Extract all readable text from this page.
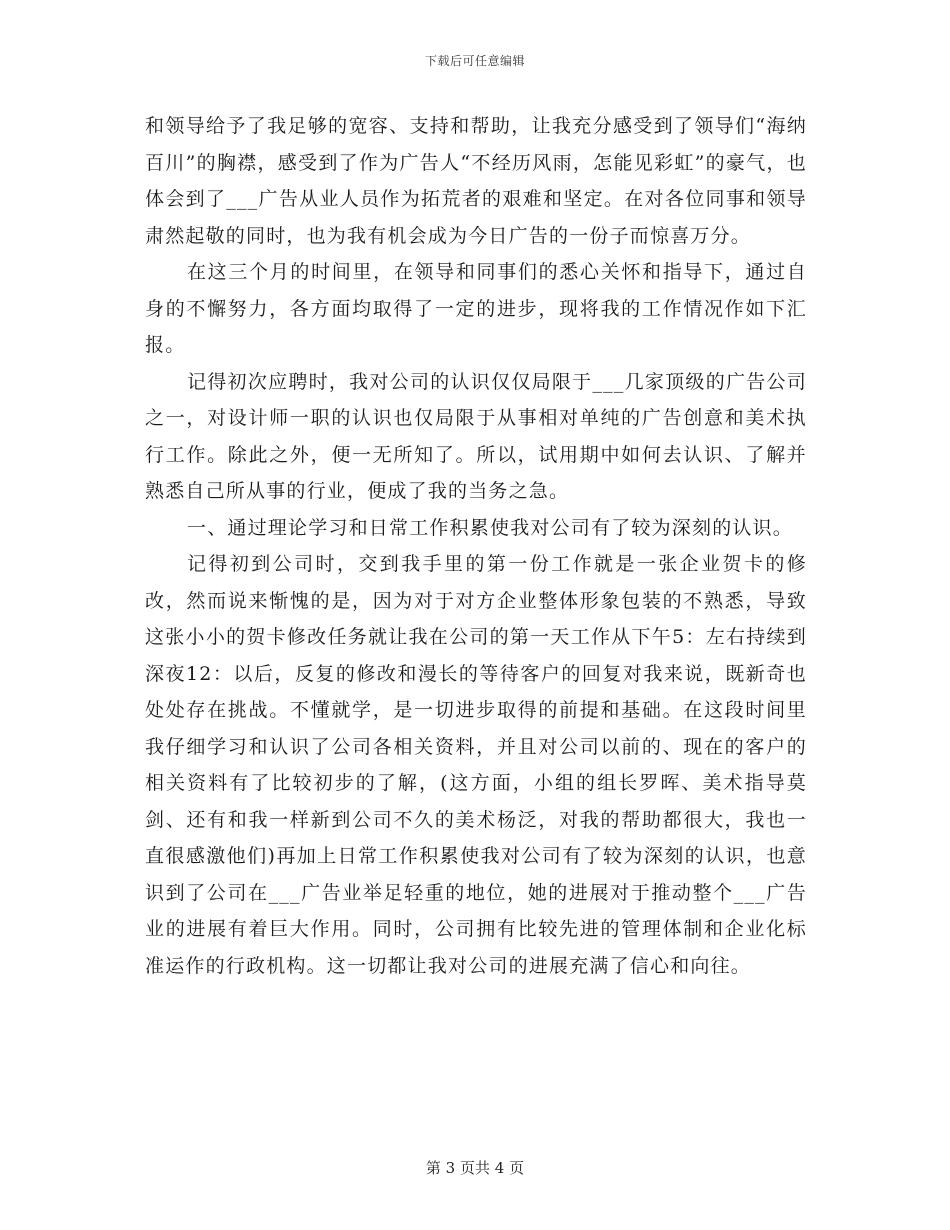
下载后可任意编辑

和领导给予了我足够的宽容、支持和帮助，让我充分感受到了领导们“海纳百川”的胸襟，感受到了作为广告人“不经历风雨，怎能见彩虹”的豪气，也体会到了___广告从业人员作为拓荒者的艰难和坚定。在对各位同事和领导肃然起敬的同时，也为我有机会成为今日广告的一份子而惊喜万分。

在这三个月的时间里，在领导和同事们的悉心关怀和指导下，通过自身的不懈努力，各方面均取得了一定的进步，现将我的工作情况作如下汇报。

记得初次应聘时，我对公司的认识仅仅局限于___几家顶级的广告公司之一，对设计师一职的认识也仅局限于从事相对单纯的广告创意和美术执行工作。除此之外，便一无所知了。所以，试用期中如何去认识、了解并熟悉自己所从事的行业，便成了我的当务之急。

一、通过理论学习和日常工作积累使我对公司有了较为深刻的认识。

记得初到公司时，交到我手里的第一份工作就是一张企业贺卡的修改，然而说来惭愧的是，因为对于对方企业整体形象包装的不熟悉，导致这张小小的贺卡修改任务就让我在公司的第一天工作从下午5：左右持续到深夜12：以后，反复的修改和漫长的等待客户的回复对我来说，既新奇也处处存在挑战。不懂就学，是一切进步取得的前提和基础。在这段时间里我仔细学习和认识了公司各相关资料，并且对公司以前的、现在的客户的相关资料有了比较初步的了解，(这方面，小组的组长罗晖、美术指导莫剑、还有和我一样新到公司不久的美术杨泛，对我的帮助都很大，我也一直很感激他们)再加上日常工作积累使我对公司有了较为深刻的认识，也意识到了公司在___广告业举足轻重的地位，她的进展对于推动整个___广告业的进展有着巨大作用。同时，公司拥有比较先进的管理体制和企业化标准运作的行政机构。这一切都让我对公司的进展充满了信心和向往。

第 3 页共 4 页
